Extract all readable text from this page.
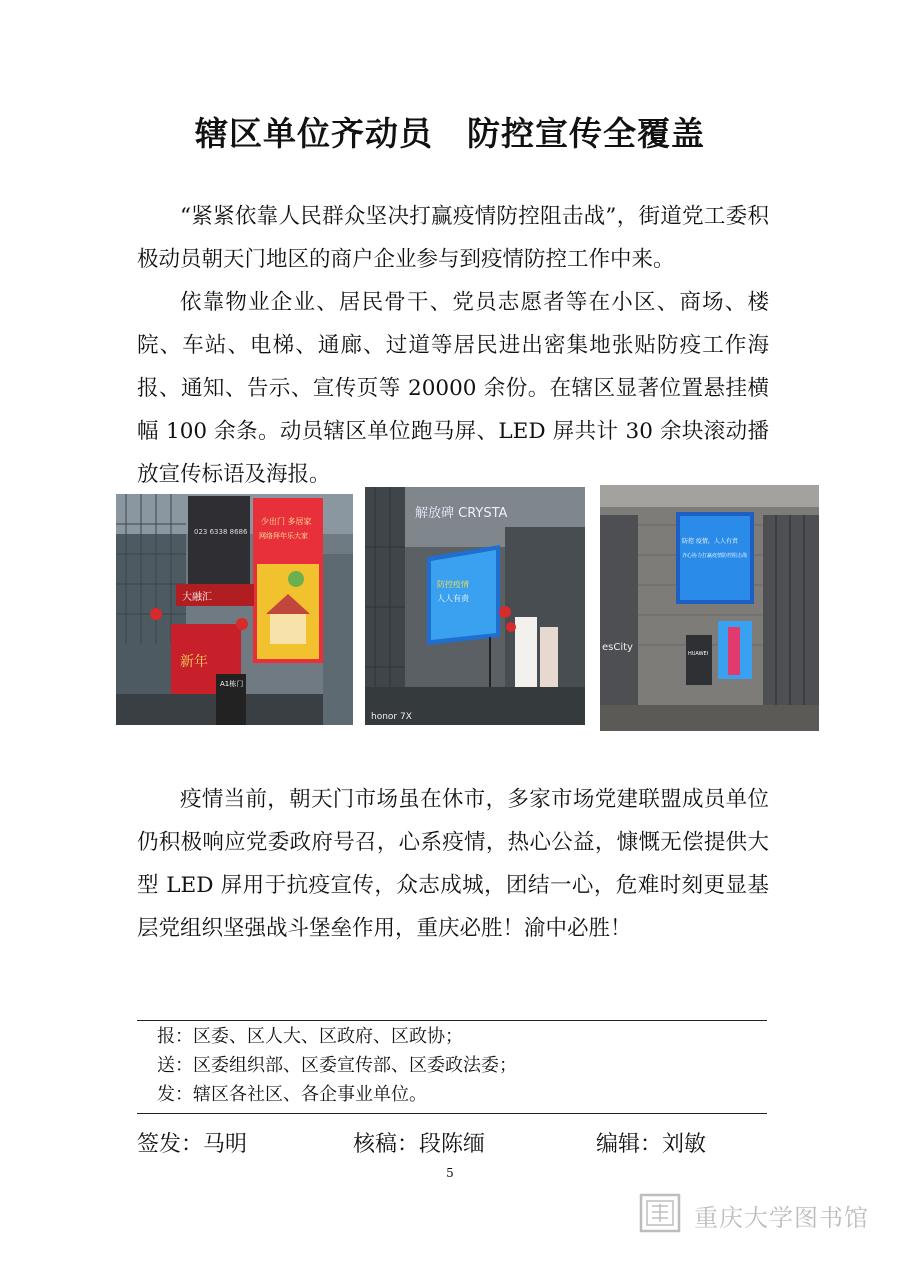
辖区单位齐动员　防控宣传全覆盖

“紧紧依靠人民群众坚决打赢疫情防控阻击战”，街道党工委积极动员朝天门地区的商户企业参与到疫情防控工作中来。

依靠物业企业、居民骨干、党员志愿者等在小区、商场、楼院、车站、电梯、通廊、过道等居民进出密集地张贴防疫工作海报、通知、告示、宣传页等 20000 余份。在辖区显著位置悬挂横幅 100 余条。动员辖区单位跑马屏、LED 屏共计 30 余块滚动播放宣传标语及海报。

023 6338 8686
少出门 多居家
网络拜年乐大家
大融汇
新年
A1栋门
解放碑 CRYSTA
防控疫情
人人有责
honor 7X
防控 疫情，人人有责
齐心协力打赢疫情防控阻击战
HUAWEI
esCity

疫情当前，朝天门市场虽在休市，多家市场党建联盟成员单位仍积极响应党委政府号召，心系疫情，热心公益，慷慨无偿提供大型 LED 屏用于抗疫宣传，众志成城，团结一心，危难时刻更显基层党组织坚强战斗堡垒作用，重庆必胜！渝中必胜！

报：区委、区人大、区政府、区政协；
送：区委组织部、区委宣传部、区委政法委；
发：辖区各社区、各企事业单位。
签发：马明	核稿：段陈缅	编辑：刘敏
5
重庆大学图书馆
